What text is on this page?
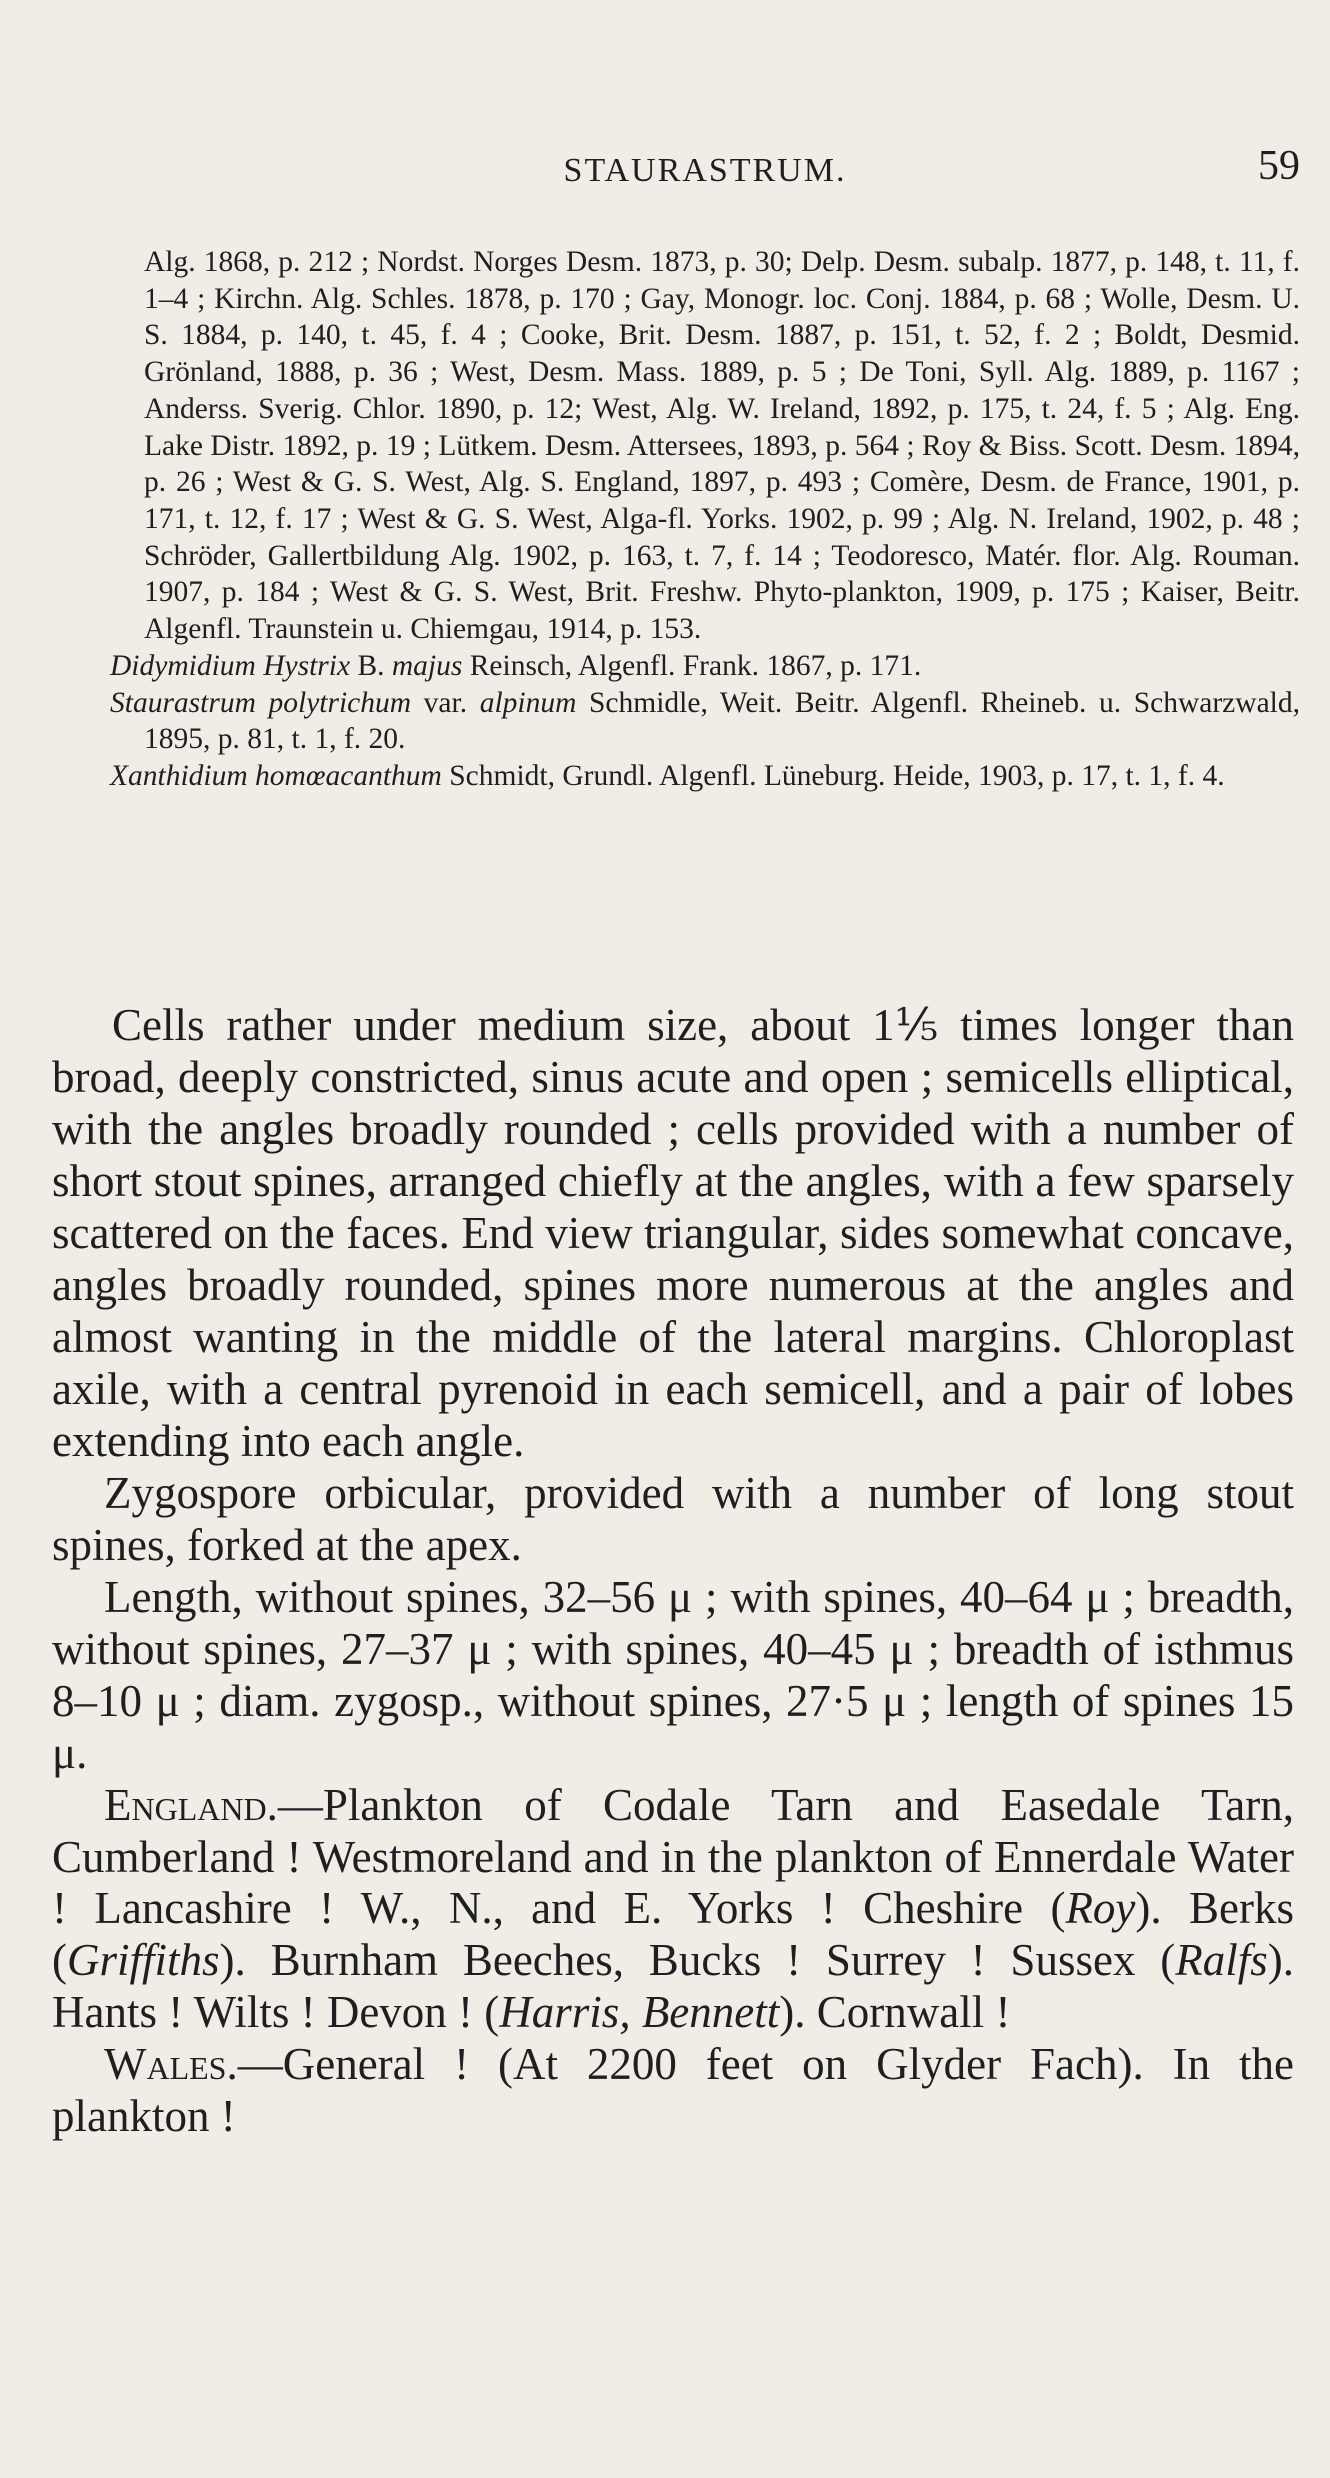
STAURASTRUM.	59

Alg. 1868, p. 212 ; Nordst. Norges Desm. 1873, p. 30; Delp. Desm. subalp. 1877, p. 148, t. 11, f. 1–4 ; Kirchn. Alg. Schles. 1878, p. 170 ; Gay, Monogr. loc. Conj. 1884, p. 68 ; Wolle, Desm. U. S. 1884, p. 140, t. 45, f. 4 ; Cooke, Brit. Desm. 1887, p. 151, t. 52, f. 2 ; Boldt, Desmid. Grönland, 1888, p. 36 ; West, Desm. Mass. 1889, p. 5 ; De Toni, Syll. Alg. 1889, p. 1167 ; Anderss. Sverig. Chlor. 1890, p. 12; West, Alg. W. Ireland, 1892, p. 175, t. 24, f. 5 ; Alg. Eng. Lake Distr. 1892, p. 19 ; Lütkem. Desm. Attersees, 1893, p. 564 ; Roy & Biss. Scott. Desm. 1894, p. 26 ; West & G. S. West, Alg. S. England, 1897, p. 493 ; Comère, Desm. de France, 1901, p. 171, t. 12, f. 17 ; West & G. S. West, Alga-fl. Yorks. 1902, p. 99 ; Alg. N. Ireland, 1902, p. 48 ; Schröder, Gallertbildung Alg. 1902, p. 163, t. 7, f. 14 ; Teodoresco, Matér. flor. Alg. Rouman. 1907, p. 184 ; West & G. S. West, Brit. Freshw. Phyto-plankton, 1909, p. 175 ; Kaiser, Beitr. Algenfl. Traunstein u. Chiemgau, 1914, p. 153.

Didymidium Hystrix B. majus Reinsch, Algenfl. Frank. 1867, p. 171.

Staurastrum polytrichum var. alpinum Schmidle, Weit. Beitr. Algenfl. Rheineb. u. Schwarzwald, 1895, p. 81, t. 1, f. 20.

Xanthidium homœacanthum Schmidt, Grundl. Algenfl. Lüneburg. Heide, 1903, p. 17, t. 1, f. 4.

Cells rather under medium size, about 1⅕ times longer than broad, deeply constricted, sinus acute and open ; semicells elliptical, with the angles broadly rounded ; cells provided with a number of short stout spines, arranged chiefly at the angles, with a few sparsely scattered on the faces. End view triangular, sides somewhat concave, angles broadly rounded, spines more numerous at the angles and almost wanting in the middle of the lateral margins. Chloroplast axile, with a central pyrenoid in each semicell, and a pair of lobes extending into each angle.

Zygospore orbicular, provided with a number of long stout spines, forked at the apex.

Length, without spines, 32–56 μ ; with spines, 40–64 μ ; breadth, without spines, 27–37 μ ; with spines, 40–45 μ ; breadth of isthmus 8–10 μ ; diam. zygosp., without spines, 27·5 μ ; length of spines 15 μ.

England.—Plankton of Codale Tarn and Easedale Tarn, Cumberland ! Westmoreland and in the plankton of Ennerdale Water ! Lancashire ! W., N., and E. Yorks ! Cheshire (Roy). Berks (Griffiths). Burnham Beeches, Bucks ! Surrey ! Sussex (Ralfs). Hants ! Wilts ! Devon ! (Harris, Bennett). Cornwall !

Wales.—General ! (At 2200 feet on Glyder Fach). In the plankton !
